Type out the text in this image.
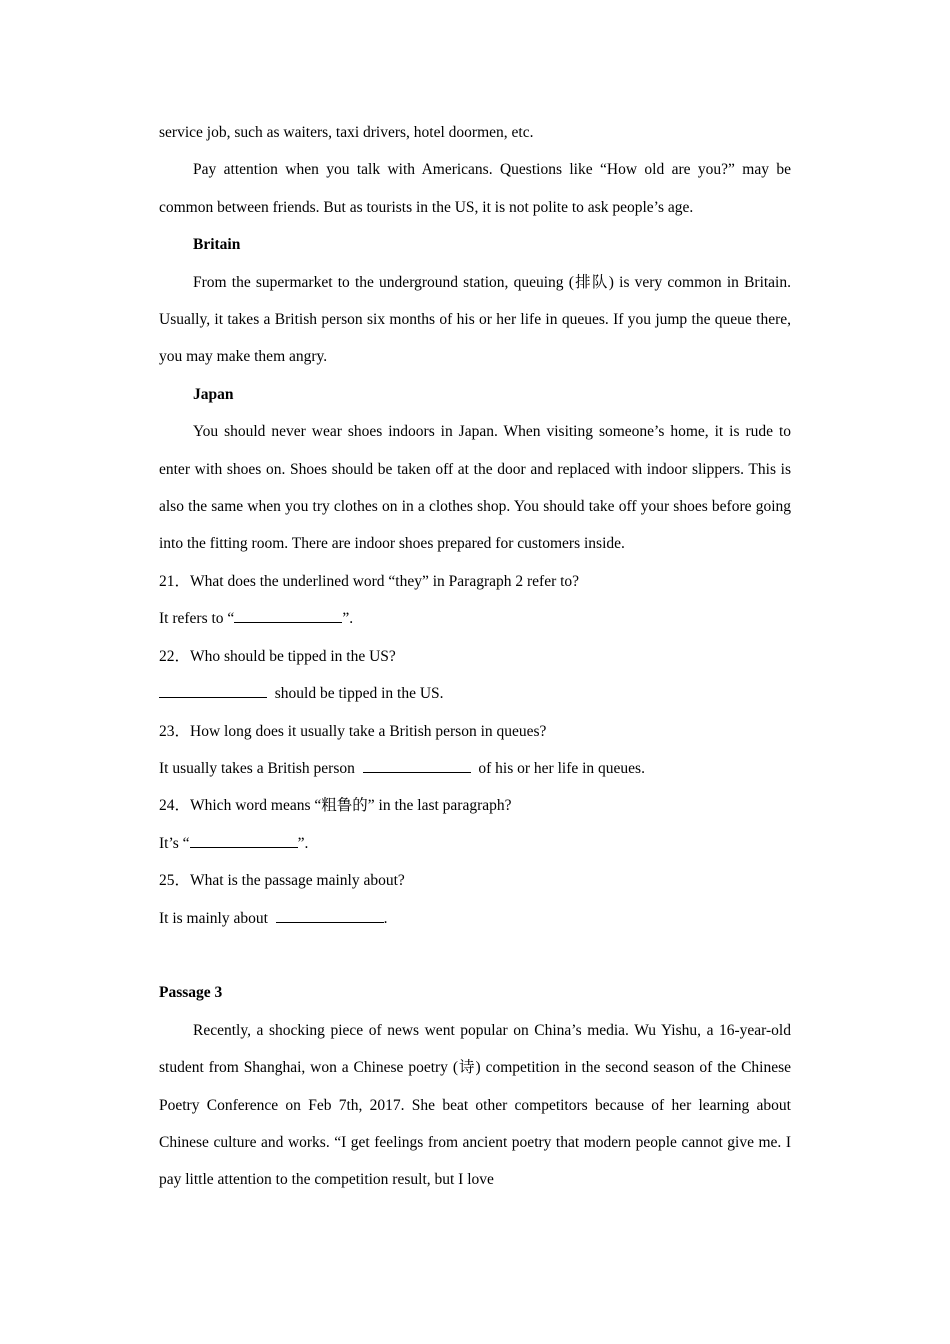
service job, such as waiters, taxi drivers, hotel doormen, etc.

Pay attention when you talk with Americans. Questions like “How old are you?” may be common between friends. But as tourists in the US, it is not polite to ask people’s age.

Britain

From the supermarket to the underground station, queuing (排队) is very common in Britain. Usually, it takes a British person six months of his or her life in queues. If you jump the queue there, you may make them angry.

Japan

You should never wear shoes indoors in Japan. When visiting someone’s home, it is rude to enter with shoes on. Shoes should be taken off at the door and replaced with indoor slippers. This is also the same when you try clothes on in a clothes shop. You should take off your shoes before going into the fitting room. There are indoor shoes prepared for customers inside.

21．What does the underlined word “they” in Paragraph 2 refer to?

It refers to “	”.

22．Who should be tipped in the US?

should be tipped in the US.

23．How long does it usually take a British person in queues?

It usually takes a British person	of his or her life in queues.

24．Which word means “粗鲁的” in the last paragraph?

It’s “	”.

25．What is the passage mainly about?

It is mainly about	.

Passage 3

Recently, a shocking piece of news went popular on China’s media. Wu Yishu, a 16-year-old student from Shanghai, won a Chinese poetry (诗) competition in the second season of the Chinese Poetry Conference on Feb 7th, 2017. She beat other competitors because of her learning about Chinese culture and works. “I get feelings from ancient poetry that modern people cannot give me. I pay little attention to the competition result, but I love
